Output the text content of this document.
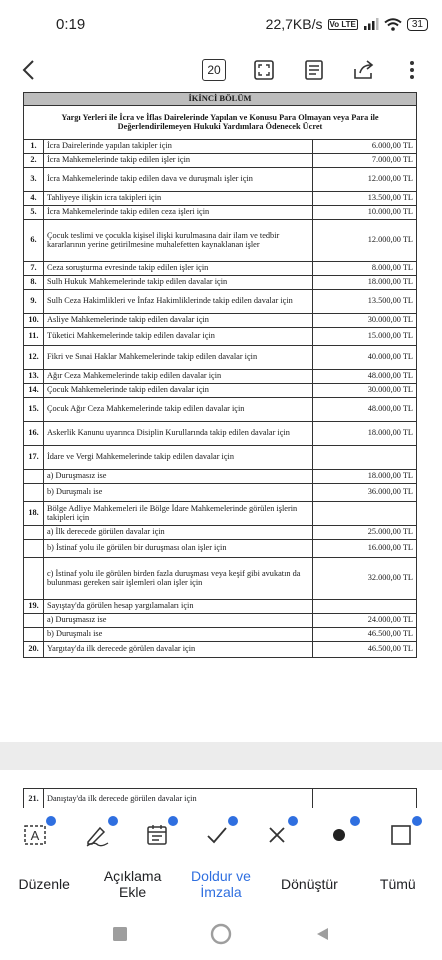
0:19	22,7KB/s Vo LTE	31
20
İKİNCİ BÖLÜM		
Yargı Yerleri ile İcra ve İflas Dairelerinde Yapılan ve Konusu Para Olmayan veya Para ile Değerlendirilemeyen Hukuki Yardımlara Ödenecek Ücret		
1.	İcra Dairelerinde yapılan takipler için	6.000,00 TL
2.	İcra Mahkemelerinde takip edilen işler için	7.000,00 TL
3.	İcra Mahkemelerinde takip edilen dava ve duruşmalı işler için	12.000,00 TL
4.	Tahliyeye ilişkin icra takipleri için	13.500,00 TL
5.	İcra Mahkemelerinde takip edilen ceza işleri için	10.000,00 TL
6.	Çocuk teslimi ve çocukla kişisel ilişki kurulmasına dair ilam ve tedbir kararlarının yerine getirilmesine muhalefetten kaynaklanan işler	12.000,00 TL
7.	Ceza soruşturma evresinde takip edilen işler için	8.000,00 TL
8.	Sulh Hukuk Mahkemelerinde takip edilen davalar için	18.000,00 TL
9.	Sulh Ceza Hakimlikleri ve İnfaz Hakimliklerinde takip edilen davalar için	13.500,00 TL
10.	Asliye Mahkemelerinde takip edilen davalar için	30.000,00 TL
11.	Tüketici Mahkemelerinde takip edilen davalar için	15.000,00 TL
12.	Fikri ve Sınai Haklar Mahkemelerinde takip edilen davalar için	40.000,00 TL
13.	Ağır Ceza Mahkemelerinde takip edilen davalar için	48.000,00 TL
14.	Çocuk Mahkemelerinde takip edilen davalar için	30.000,00 TL
15.	Çocuk Ağır Ceza Mahkemelerinde takip edilen davalar için	48.000,00 TL
16.	Askerlik Kanunu uyarınca Disiplin Kurullarında takip edilen davalar için	18.000,00 TL
17.	İdare ve Vergi Mahkemelerinde takip edilen davalar için	
	a) Duruşmasız ise	18.000,00 TL
	b) Duruşmalı ise	36.000,00 TL
18.	Bölge Adliye Mahkemeleri ile Bölge İdare Mahkemelerinde görülen işlerin takipleri için	
	a) İlk derecede görülen davalar için	25.000,00 TL
	b) İstinaf yolu ile görülen bir duruşması olan işler için	16.000,00 TL
	c) İstinaf yolu ile görülen birden fazla duruşması veya keşif gibi avukatın da bulunması gereken sair işlemleri olan işler için	32.000,00 TL
19.	Sayıştay'da görülen hesap yargılamaları için	
	a) Duruşmasız ise	24.000,00 TL
	b) Duruşmalı ise	46.500,00 TL
20.	Yargıtay'da ilk derecede görülen davalar için	46.500,00 TL
21.	Danıştay'da ilk derecede görülen davalar için
A
Düzenle	Açıklama Ekle
Doldur ve İmzala	Dönüştür	Tümü
